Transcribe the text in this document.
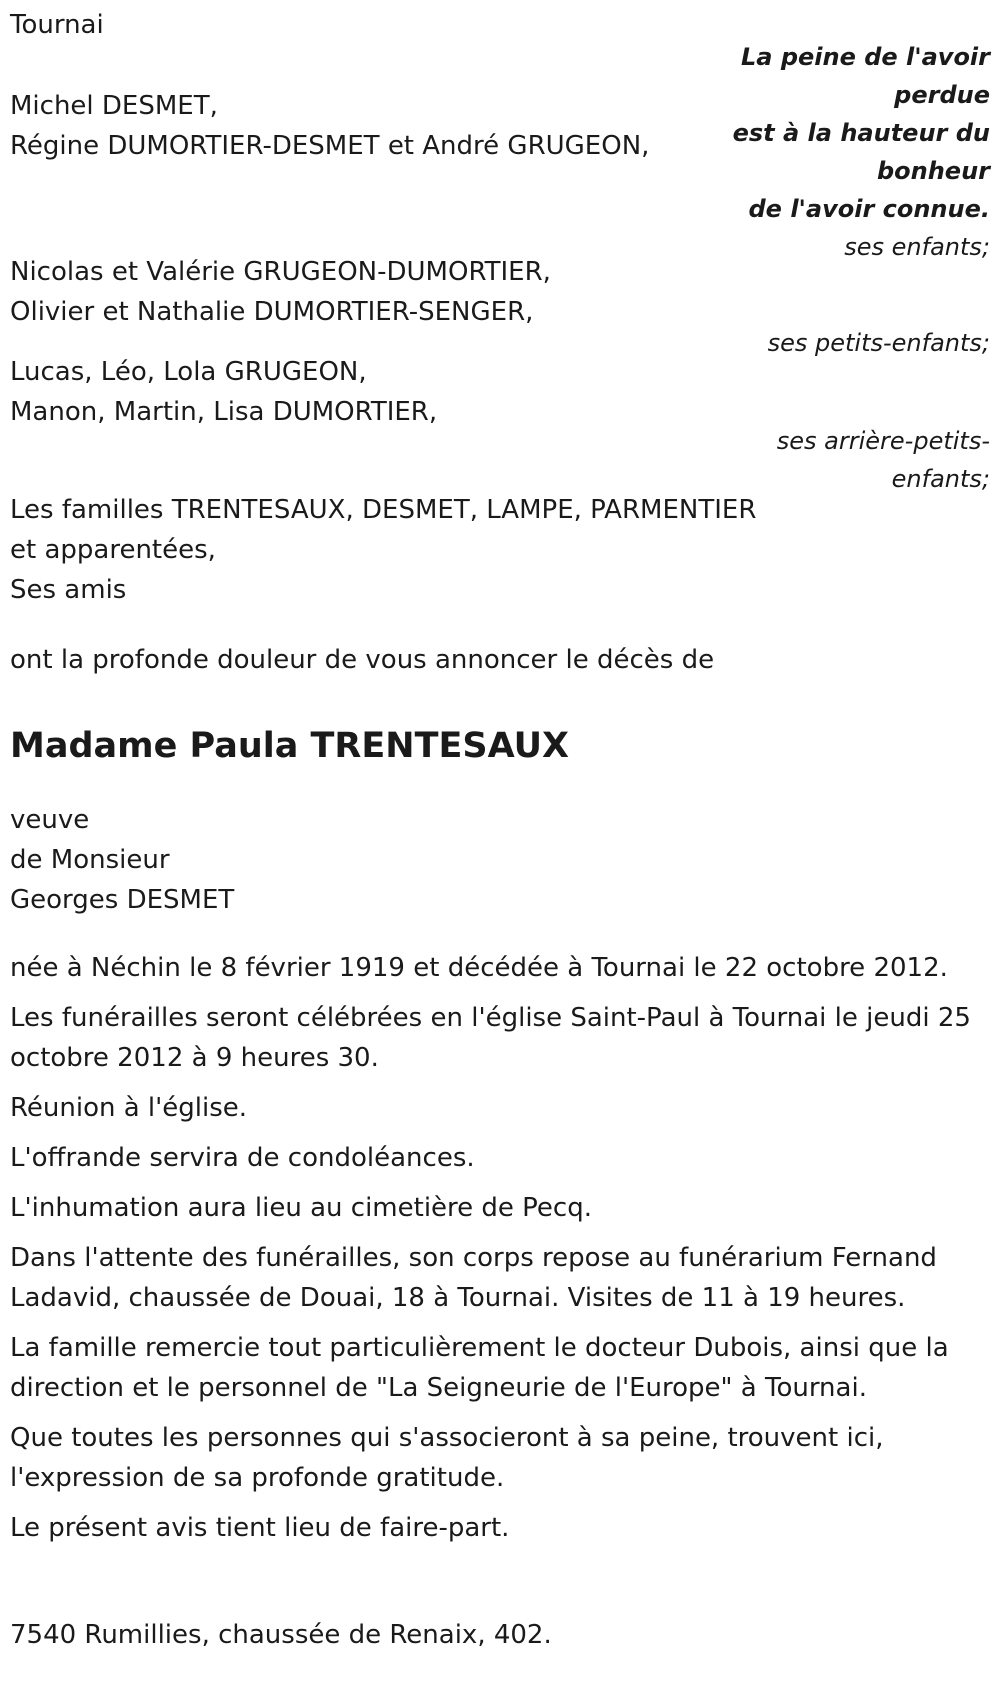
Tournai
La peine de l'avoir
perdue
est à la hauteur du
bonheur
de l'avoir connue.
Michel DESMET,
Régine DUMORTIER-DESMET et André GRUGEON,
ses enfants;
Nicolas et Valérie GRUGEON-DUMORTIER,
Olivier et Nathalie DUMORTIER-SENGER,
ses petits-enfants;
Lucas, Léo, Lola GRUGEON,
Manon, Martin, Lisa DUMORTIER,
ses arrière-petits-
enfants;
Les familles TRENTESAUX, DESMET, LAMPE, PARMENTIER
et apparentées,
Ses amis
ont la profonde douleur de vous annoncer le décès de
Madame Paula TRENTESAUX
veuve
de Monsieur
Georges DESMET

née à Néchin le 8 février 1919 et décédée à Tournai le 22 octobre 2012.

Les funérailles seront célébrées en l'église Saint-Paul à Tournai le jeudi 25 octobre 2012 à 9 heures 30.

Réunion à l'église.

L'offrande servira de condoléances.

L'inhumation aura lieu au cimetière de Pecq.

Dans l'attente des funérailles, son corps repose au funérarium Fernand Ladavid, chaussée de Douai, 18 à Tournai. Visites de 11 à 19 heures.

La famille remercie tout particulièrement le docteur Dubois, ainsi que la direction et le personnel de "La Seigneurie de l'Europe" à Tournai.

Que toutes les personnes qui s'associeront à sa peine, trouvent ici, l'expression de sa profonde gratitude.

Le présent avis tient lieu de faire-part.

7540 Rumillies, chaussée de Renaix, 402.
